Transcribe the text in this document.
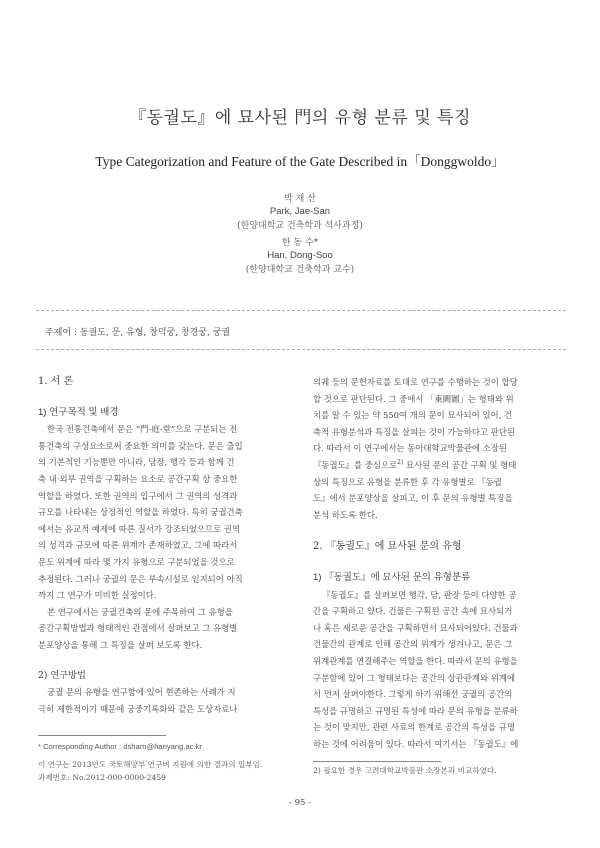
『동궐도』에 묘사된 門의 유형 분류 및 특징
Type Categorization and Feature of the Gate Described in「Donggwoldo」
박 재 산
Park, Jae-San
(한양대학교 건축학과 석사과정)
한 동 수*
Han, Dong-Soo
(한양대학교 건축학과 교수)
주제어 : 동궐도, 문, 유형, 창덕궁, 창경궁, 궁궐
1. 서 론
1) 연구목적 및 배경
한국 전통건축에서 문은 “門-庭-堂”으로 구분되는 전
통건축의 구성요소로써 중요한 의미를 갖는다. 문은 출입
의 기본적인 기능뿐만 아니라, 담장, 행각 등과 함께 건
축 내·외부 권역을 구획하는 요소로 공간구획 상 중요한
역할을 하였다. 또한 권역의 입구에서 그 권역의 성격과
규모를 나타내는 상징적인 역할을 하였다. 특히 궁궐건축
에서는 유교적 예제에 따른 질서가 강조되었으므로 권역
의 성격과 규모에 따른 위계가 존재하였고, 그에 따라서
문도 위계에 따라 몇 가지 유형으로 구분되었을 것으로
추정된다. 그러나 궁궐의 문은 부속시설로 인지되어 아직
까지 그 연구가 미비한 실정이다.
본 연구에서는 궁궐건축의 문에 주목하여 그 유형을
공간구획방법과 형태적인 관점에서 살펴보고 그 유형별
분포양상을 통해 그 특징을 살펴 보도록 한다.
2) 연구방법
궁궐 문의 유형을 연구함에 있어 현존하는 사례가 지
극히 제한적이기 때문에 궁중기록화와 같은 도상자료나
* Corresponding Author : dsharn@hanyang.ac.kr
이 연구는 2013년도 국토해양부 연구비 지원에 의한 결과의 일부임.
과제번호: No.2012-000-0000-2459
의궤 등의 문헌자료를 토대로 연구를 수행하는 것이 합당
할 것으로 판단된다. 그 중에서 「東闕圖」는 형태와 위
치를 알 수 있는 약 550여 개의 문이 묘사되어 있어, 건
축적 유형분석과 특징을 살피는 것이 가능하다고 판단된
다. 따라서 이 연구에서는 동아대학교박물관에 소장된
『동궐도』를 중심으로$^{2)}$ 묘사된 문의 공간 구획 및 형태
상의 특징으로 유형을 분류한 후 각 유형별로 『동궐
도』에서 분포양상을 살피고, 이 후 문의 유형별 특징을
분석 하도록 한다.
2. 『동궐도』에 묘사된 문의 유형
1) 『동궐도』에 묘사된 문의 유형분류
『동궐도』를 살펴보면 행각, 담, 판장 등이 다양한 공
간을 구획하고 있다. 건물은 구획된 공간 속에 묘사되거
나 혹은 새로운 공간을 구획하면서 묘사되어있다. 건물과
건물간의 관계로 인해 공간의 위계가 생겨나고, 문은 그
위계관계를 연결해주는 역할을 한다. 따라서 문의 유형을
구분함에 있어 그 형태보다는 공간의 상관관계와 위계에
서 먼저 살펴야한다. 그렇게 하기 위해선 궁궐의 공간의
특성을 규명하고 규명된 특성에 따라 문의 유형을 분류하
는 것이 맞지만, 관련 사료의 한계로 공간의 특성을 규명
하는 것에 어려움이 있다. 따라서 여기서는 『동궐도』에
2) 필요한 경우 고려대학교박물관 소장본과 비교하였다.
- 95 -
